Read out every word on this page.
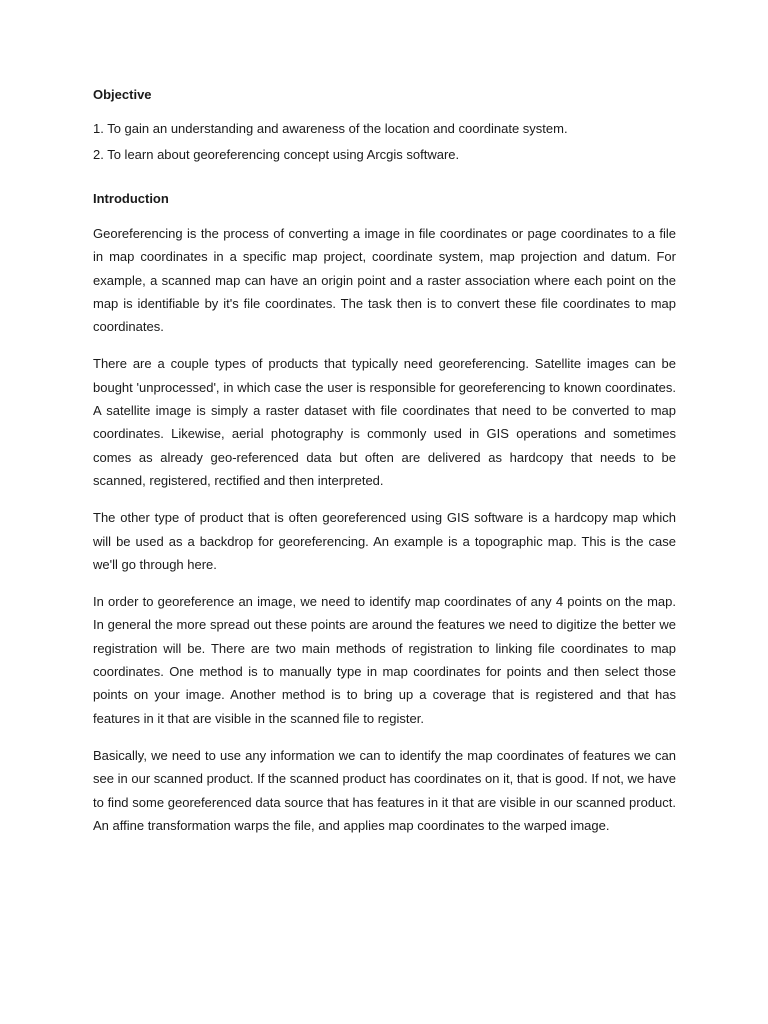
Objective

1. To gain an understanding and awareness of the location and coordinate system.
2. To learn about georeferencing concept using Arcgis software.

Introduction

Georeferencing is the process of converting a image in file coordinates or page coordinates to a file in map coordinates in a specific map project, coordinate system, map projection and datum. For example, a scanned map can have an origin point and a raster association where each point on the map is identifiable by it's file coordinates. The task then is to convert these file coordinates to map coordinates.

There are a couple types of products that typically need georeferencing. Satellite images can be bought 'unprocessed', in which case the user is responsible for georeferencing to known coordinates. A satellite image is simply a raster dataset with file coordinates that need to be converted to map coordinates. Likewise, aerial photography is commonly used in GIS operations and sometimes comes as already geo-referenced data but often are delivered as hardcopy that needs to be scanned, registered, rectified and then interpreted.

The other type of product that is often georeferenced using GIS software is a hardcopy map which will be used as a backdrop for georeferencing. An example is a topographic map. This is the case we'll go through here.

In order to georeference an image, we need to identify map coordinates of any 4 points on the map. In general the more spread out these points are around the features we need to digitize the better we registration will be. There are two main methods of registration to linking file coordinates to map coordinates. One method is to manually type in map coordinates for points and then select those points on your image. Another method is to bring up a coverage that is registered and that has features in it that are visible in the scanned file to register.

Basically, we need to use any information we can to identify the map coordinates of features we can see in our scanned product. If the scanned product has coordinates on it, that is good. If not, we have to find some georeferenced data source that has features in it that are visible in our scanned product. An affine transformation warps the file, and applies map coordinates to the warped image.
